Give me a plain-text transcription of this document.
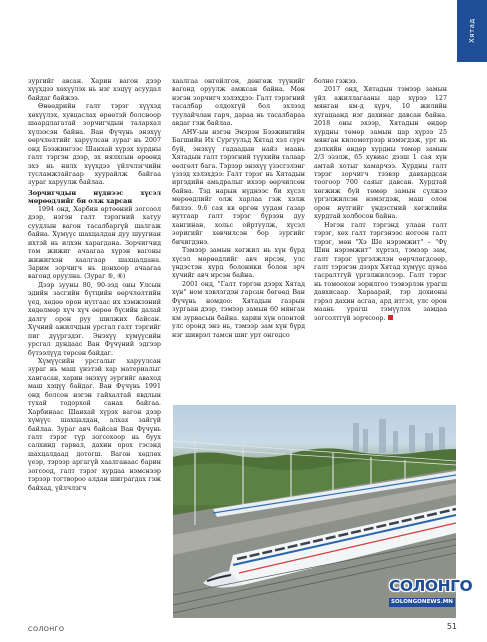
Хятад

зургийг авсан. Харин вагон дээр хүүхдээ хөхүүлэх нь нэг хэцүү асуудал байдаг байжээ.

Өнөөдрийн галт тэрэг хүүхэд хөхүүлэх, хувцаслах өрөөтэй болсноор шаардлагатай зорчигчдын талархал хүлээсэн байна. Ван Фүчүнь энэхүү өөрчлөлтийг харуулсан зураг нь 2007 онд Бээжингээс Шанхай хүрэх хурдны галт тэргэн дээр, эх нялхсын өрөөнд эхэ нь нялх хүүхдээ үйлчлэгчийн тусламжтайгаар хуурайлж байгаа зураг харуулж байлаа.

Зорчигчдын нүднээс хүсэл мөрөөдлийг би олж харсан

1994 онд, Харбин өртөөний зогсоол дээр, нэгэн галт тэрэгний хатуу суудлын вагон тасалбаргүй шалгаж байна. Хүмүүс шахцалдан дуу шуугиан ихтэй нь илхэн харагдана. Зорчигчид том жижиг ачаагаа хүрэн вагоны жижигхэн хаалгаар шахцалдана. Зарим зорчигч нь цонхоор ачаагаа вагонд оруулна. (Зураг ⑤, ⑥)

Дээр зууны 80, 90-ээд оны Улсын эдийн засгийн бүтцийн өөрчлөлтийн үед, хөдөө орон нутгаас их хэмжээний хөдөлмөр хүч хүч өөрөө бүсийн далай далгу орон руу шилжих байсан. Хүчний ажилчдын урсгал галт тэргийг пиг дүүргэдэг. Энэхүү хүмүүсийн урсгал дундаас Ван Фүчүний эдгээр бүтээлүүд төрсөн байдаг.

Хүмүүсийн урсгалыг харуулсан зураг нь маш үнэтэй хар материалыг хангасан, харин энэхүү зургийг аваход маш хэцүү байдаг. Ван Фүчүнь 1991 онд болсон нэгэн гайхалтай явдлын тухай тодорхой санах байгаа. Харбинаас Шанхай хүрэх вагон дээр хүмүүс шахцалдан, алхах зайгүй байлаа. Зураг авч байсан Ван Фүчүнь галт тэрэг түр зогсохоор нь буух салхинд гарвал, дахин орох гэсэнд шахцалдаад дотогш. Вагон хөдлөх үеэр, тэрээр аргагүй хаалганаас барин зогсоод, галт тэрэг хурдаа нэмснээр тэрээр тогтвороо алдан шиграгдах гэж байхад, үйлчлэгч

хаалгаа онгойлгон, дөнгөж түүнийг вагонд оруулж амжсан байна. Мөн нэгэн зорчигч хэлэхдээ: Галт тэрэгний тасалбар олдохгүй бол эхлээд туулайчлан гарч, дараа нь тасалбараа авдаг гэж байлаа.

АНУ-ын нэгэн Энэрэн Бээжингийн Багшийн Их Сургуульд Хятад хэл сурч буй, энэхүү гадаадын найз маань Хятадын галт тэрэгний түүхийн талаар өөлгөлт бага. Тэрээр энэхүү үзэсгэлэнг үзээд хэлэхдээ: Галт тэрэг нь Хятадын иргэдийн амьдралыг ихээр өөрчилсөн байна. Тэд нарын нүднээс би хүсэл мөрөөдлийг олж харлаа гэж хэлж билээ. 9.6 сая кв өргөн уудам газар нутгаар галт тэрэг бүрээн дуу хангинан, хольс ойртуулж, хүсэл зоригийг хөвчилсэн бор зургийг бичигдэнэ.

Тэмээр замын хөгжил нь хүн бүрд хүсэл мөрөөдлийг авч ирсэн, улс үндэстэн хурд болоники болон эрч хүчийг авч ирсэн байна.

2001 онд, "Галт тэргэн дээрх Хятад хүн" ном хэвлэгдэн гарсан бөгөөд Ван Фүчүнь номдоо: Хятадын газрын зургаан дээр, тэмээр замын 60 мянган км зурвасын байна. харин хүн олонтой улс оронд энэ нь, тэмээр зам хүн бүрд нэг шиврэл тамсн шиг урт онгодсо

болно гэжээ.

2017 онд, Хятадын тэмээр замын үйл ажиллагааны цар хүрээ 127 мянган км-д хүрч, 10 жилийн хугацаанд нэг дахинаг давсан байна. 2018 оны эхээр, Хятадын өндөр хурдны төмөр замын цар хүрээ 25 мянган километрээр нэмэгдэж, урт нь дэлхийн өндөр хурдны төмөр замын 2/3 эзэлж, 65 хувиас дээш 1 сая хүн амтай хотыг хамарчээ. Хурдны галт тэрэг зорчигч тээвэр давхардсан тоогоор 700 саяыг давсан. Хурдтай хөгжиж буй төмөр замын сүлжээ үргэлжилсэн нэмэгдэж, маш олон орон нутгийг үндэстний хөгжлийн хурдтай холбосон байна.

Нэгэн галт тэргэнд улаан галт тэрэг, хөх галт тэргэнээс ногоон галт тэрэг, мөн "Хэ Ше нэрэмжит" – "Фү Шин нэрэмжит" хүртэл, тэмээр зам, галт тэрэг үргэлжлэн өөрчлөгдсөөр, галт тэрэгэн дээрх Хятад хүмүүс цуваа тасралтгүй үргэлжилсээр. Галт тэрэг нь томоохон зорилгоо тээвэрлэн урагш давхисаар. Хараарай, тэр дохионы гэрэл дахин асгаа, ард итгэл, улс орон маань урагш тэмүүлэх замдаа зогсолтгүй зорчсоор.

СОЛОНГО
SOLONGONEWS.MN
СОЛОНГО	51
